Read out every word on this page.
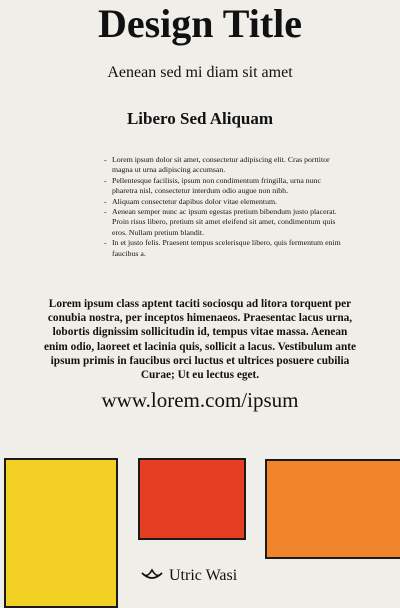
Design Title
Aenean sed mi diam sit amet
Libero Sed Aliquam
- Lorem ipsum dolor sit amet, consectetur adipiscing elit. Cras porttitor magna ut urna adipiscing accumsan.
- Pellentesque facilisis, ipsum non condimentum fringilla, urna nunc pharetra nisl, consectetur interdum odio augue non nibh.
- Aliquam consectetur dapibus dolor vitae elementum.
- Aenean semper nunc ac ipsum egestas pretium bibendum justo placerat. Proin risus libero, pretium sit amet eleifend sit amet, condimentum quis eros. Nullam pretium blandit.
- In et justo felis. Praesent tempus scelerisque libero, quis fermentum enim faucibus a.

Lorem ipsum class aptent taciti sociosqu ad litora torquent per conubia nostra, per inceptos himenaeos. Praesentac lacus urna, lobortis dignissim sollicitudin id, tempus vitae massa. Aenean enim odio, laoreet et lacinia quis, sollicit a lacus. Vestibulum ante ipsum primis in faucibus orci luctus et ultrices posuere cubilia Curae; Ut eu lectus eget.

www.lorem.com/ipsum
Utric Wasi
